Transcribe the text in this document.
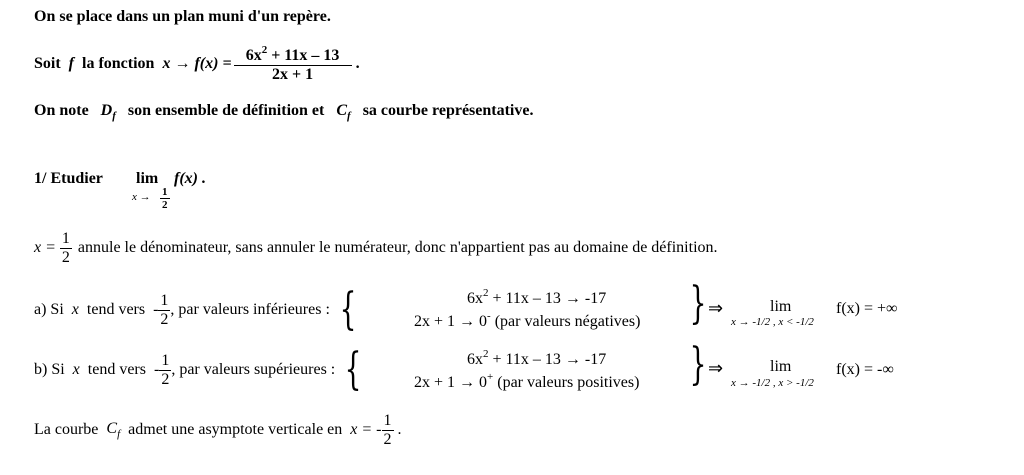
On se place dans un plan muni d'un repère.
Soit
f
la fonction
x
→
$f(x) = \frac{6x^2 + 11x - 13}{2x + 1}$
.
On note $D_f$ son ensemble de définition et $C_f$ sa courbe représentative.
1/ Etudier lim
$x \to \frac{1}{2}$
f(x) .
$x = \frac{1}{2}$ annule le dénominateur, sans annuler le numérateur, donc n'appartient pas au domaine de définition.
a) Si
x
tend vers
-
1
2
, par valeurs inférieures : {	$6x^2 + 11x - 13 \to -17$
2x + 1 → 0- (par valeurs négatives) } ⇒	lim
x → -1/2 , x < -1/2
f(x) = +∞
b) Si
x
tend vers
-
1
2
, par valeurs supérieures : {	$6x^2 + 11x - 13 \to -17$
2x + 1 → 0+ (par valeurs positives) } ⇒	lim
x → -1/2 , x > -1/2
f(x) = -∞
La courbe
$C_f$
admet une asymptote verticale en
x = -
1
2

.
